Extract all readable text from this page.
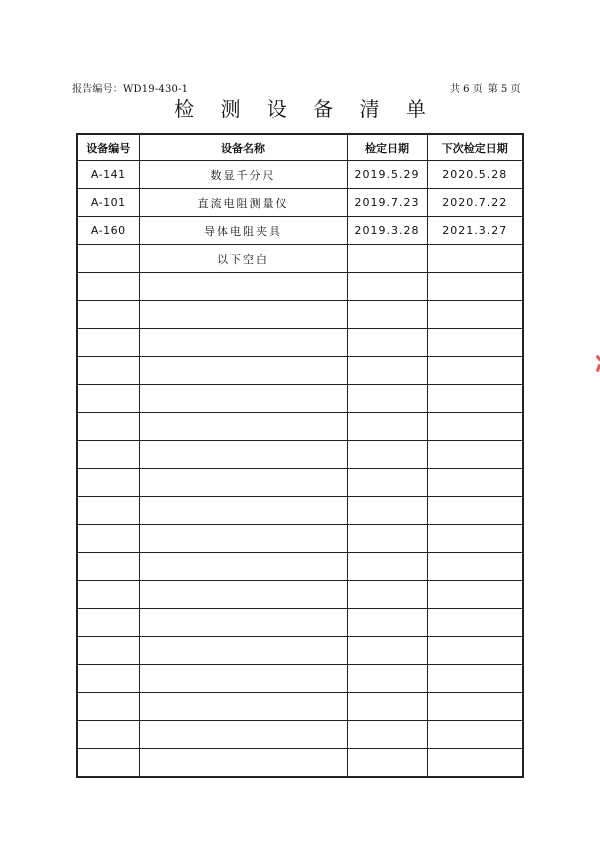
报告编号：WD19-430-1	共 6 页 第 5 页
检 测 设 备 清 单
设备编号	设备名称	检定日期	下次检定日期
A-141	数显千分尺	2019.5.29	2020.5.28
A-101	直流电阻测量仪	2019.7.23	2020.7.22
A-160	导体电阻夹具	2019.3.28	2021.3.27
	以下空白		
